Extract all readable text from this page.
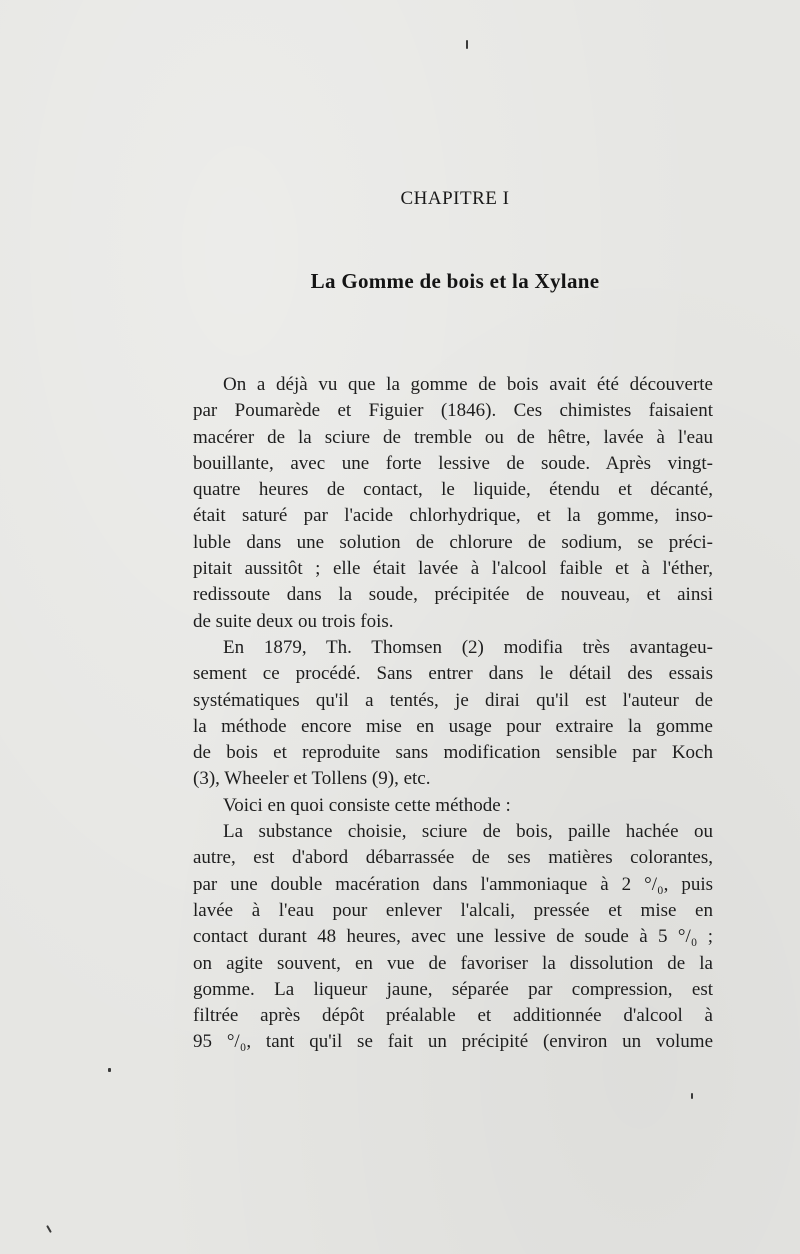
CHAPITRE I
La Gomme de bois et la Xylane
On a déjà vu que la gomme de bois avait été découverte
par Poumarède et Figuier (1846). Ces chimistes faisaient
macérer de la sciure de tremble ou de hêtre, lavée à l'eau
bouillante, avec une forte lessive de soude. Après vingt-
quatre heures de contact, le liquide, étendu et décanté,
était saturé par l'acide chlorhydrique, et la gomme, inso-
luble dans une solution de chlorure de sodium, se préci-
pitait aussitôt ; elle était lavée à l'alcool faible et à l'éther,
redissoute dans la soude, précipitée de nouveau, et ainsi
de suite deux ou trois fois.
En 1879, Th. Thomsen (2) modifia très avantageu-
sement ce procédé. Sans entrer dans le détail des essais
systématiques qu'il a tentés, je dirai qu'il est l'auteur de
la méthode encore mise en usage pour extraire la gomme
de bois et reproduite sans modification sensible par Koch
(3), Wheeler et Tollens (9), etc.
Voici en quoi consiste cette méthode :
La substance choisie, sciure de bois, paille hachée ou
autre, est d'abord débarrassée de ses matières colorantes,
par une double macération dans l'ammoniaque à 2 °/₀, puis
lavée à l'eau pour enlever l'alcali, pressée et mise en
contact durant 48 heures, avec une lessive de soude à 5 °/₀ ;
on agite souvent, en vue de favoriser la dissolution de la
gomme. La liqueur jaune, séparée par compression, est
filtrée après dépôt préalable et additionnée d'alcool à
95 °/₀, tant qu'il se fait un précipité (environ un volume
